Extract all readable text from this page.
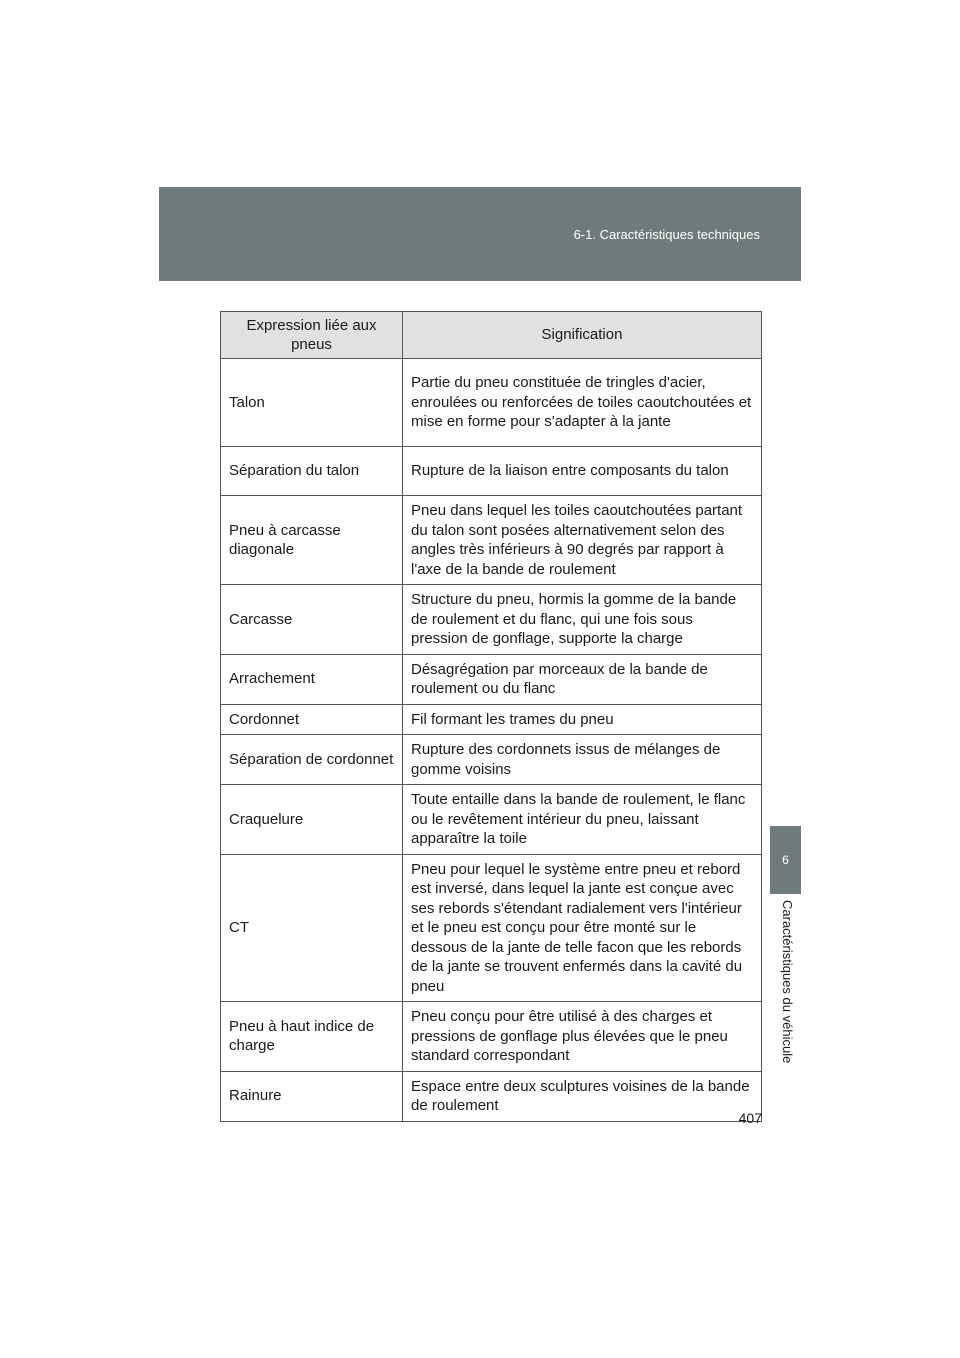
6-1. Caractéristiques techniques
6
Caractéristiques du véhicule
Expression liée aux pneus	Signification
Talon	Partie du pneu constituée de tringles d'acier, enroulées ou renforcées de toiles caoutchoutées et mise en forme pour s'adapter à la jante
Séparation du talon	Rupture de la liaison entre composants du talon
Pneu à carcasse diagonale	Pneu dans lequel les toiles caoutchoutées partant du talon sont posées alternativement selon des angles très inférieurs à 90 degrés par rapport à l'axe de la bande de roulement
Carcasse	Structure du pneu, hormis la gomme de la bande de roulement et du flanc, qui une fois sous pression de gonflage, supporte la charge
Arrachement	Désagrégation par morceaux de la bande de roulement ou du flanc
Cordonnet	Fil formant les trames du pneu
Séparation de cordonnet	Rupture des cordonnets issus de mélanges de gomme voisins
Craquelure	Toute entaille dans la bande de roulement, le flanc ou le revêtement intérieur du pneu, laissant apparaître la toile
CT	Pneu pour lequel le système entre pneu et rebord est inversé, dans lequel la jante est conçue avec ses rebords s'étendant radialement vers l'intérieur et le pneu est conçu pour être monté sur le dessous de la jante de telle facon que les rebords de la jante se trouvent enfermés dans la cavité du pneu
Pneu à haut indice de charge	Pneu conçu pour être utilisé à des charges et pressions de gonflage plus élevées que le pneu standard correspondant
Rainure	Espace entre deux sculptures voisines de la bande de roulement
407
